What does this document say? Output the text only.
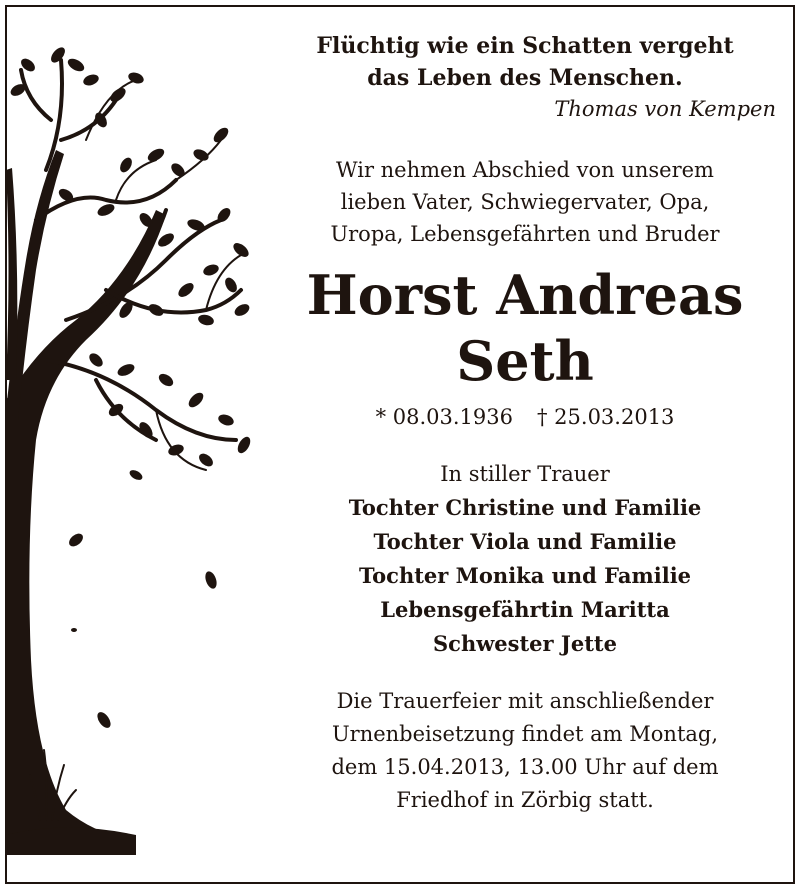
Flüchtig wie ein Schatten vergeht
das Leben des Menschen.
Thomas von Kempen
Wir nehmen Abschied von unserem
lieben Vater, Schwiegervater, Opa,
Uropa, Lebensgefährten und Bruder
Horst Andreas
Seth
* 08.03.1936 † 25.03.2013
In stiller Trauer
Tochter Christine und Familie
Tochter Viola und Familie
Tochter Monika und Familie
Lebensgefährtin Maritta
Schwester Jette
Die Trauerfeier mit anschließender
Urnenbeisetzung findet am Montag,
dem 15.04.2013, 13.00 Uhr auf dem
Friedhof in Zörbig statt.
